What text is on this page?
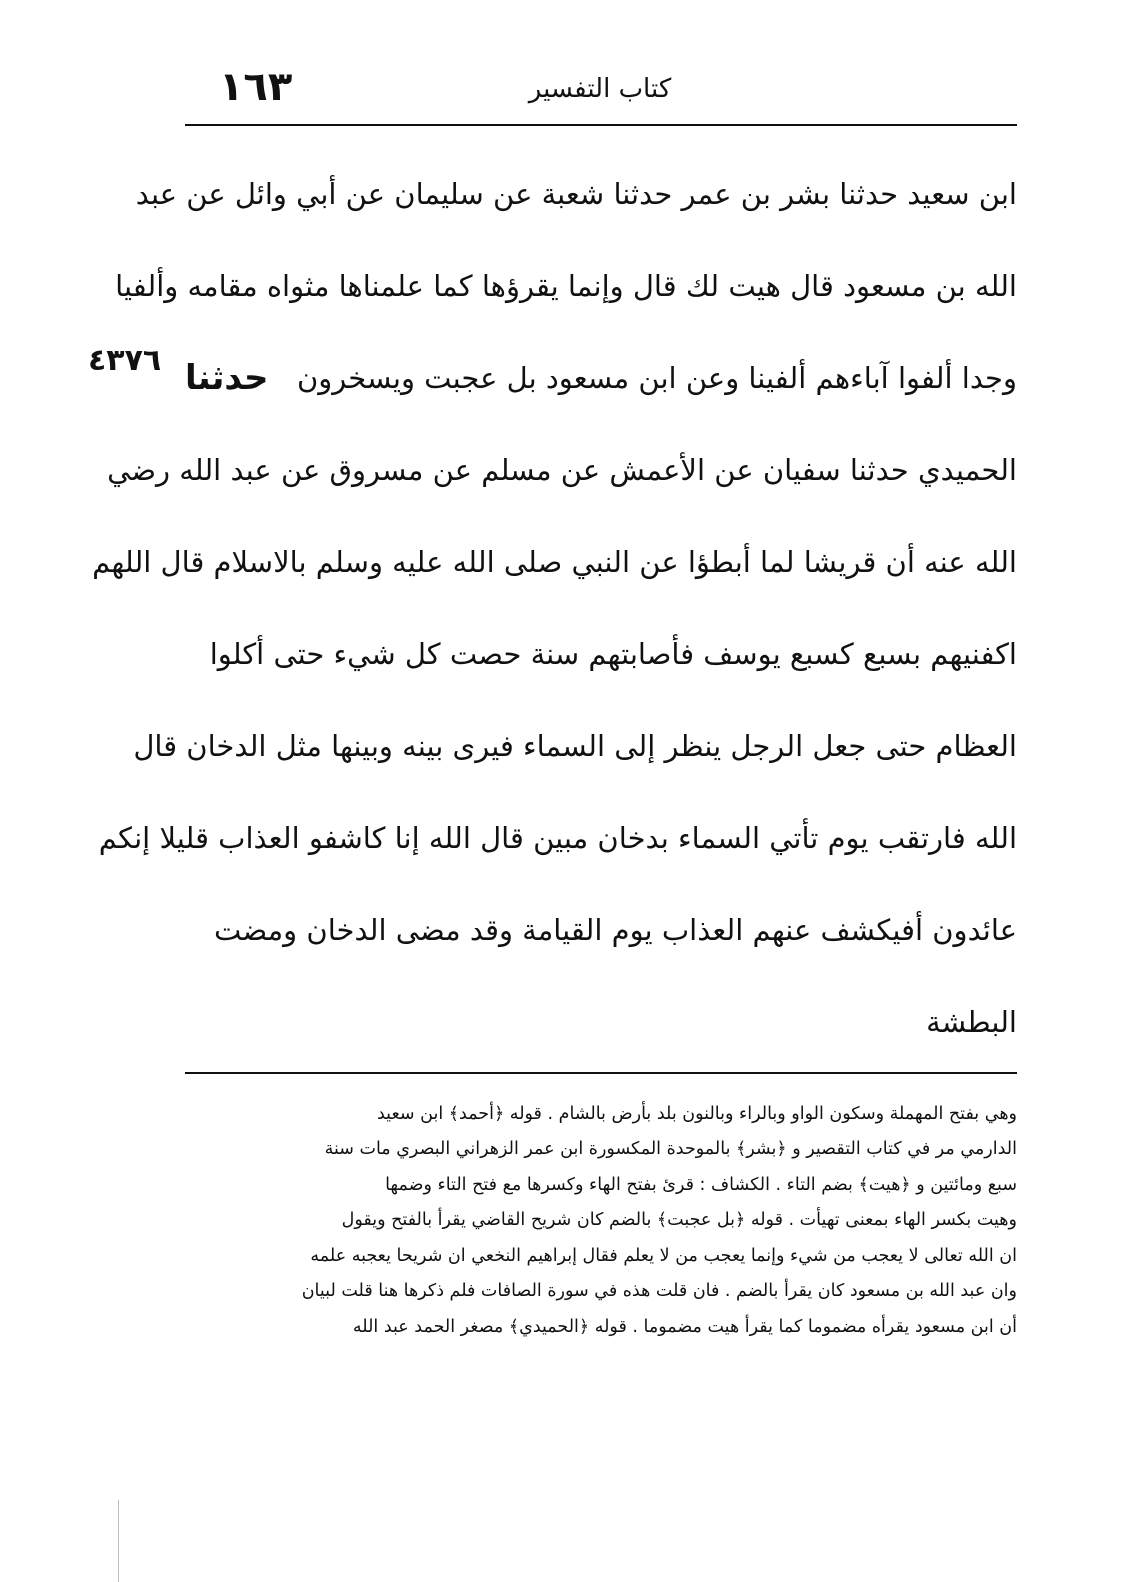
١٦٣	كتاب التفسير
٤٣٧٦
ابن سعيد حدثنا بشر بن عمر حدثنا شعبة عن سليمان عن أبي وائل عن عبد
الله بن مسعود قال هيت لك قال وإنما يقرؤها كما علمناها مثواه مقامه وألفيا
وجدا ألفوا آباءهم ألفينا وعن ابن مسعود بل عجبت ويسخرون
حدثنا
الحميدي حدثنا سفيان عن الأعمش عن مسلم عن مسروق عن عبد الله رضي
الله عنه أن قريشا لما أبطؤا عن النبي صلى الله عليه وسلم بالاسلام قال اللهم
اكفنيهم بسبع كسبع يوسف فأصابتهم سنة حصت كل شيء حتى أكلوا
العظام حتى جعل الرجل ينظر إلى السماء فيرى بينه وبينها مثل الدخان قال
الله فارتقب يوم تأتي السماء بدخان مبين قال الله إنا كاشفو العذاب قليلا إنكم
عائدون أفيكشف عنهم العذاب يوم القيامة وقد مضى الدخان ومضت
البطشة
وهي بفتح المهملة وسكون الواو وبالراء وبالنون بلد بأرض بالشام . قوله ﴿أحمد﴾ ابن سعيد
الدارمي مر في كتاب التقصير و ﴿بشر﴾ بالموحدة المكسورة ابن عمر الزهراني البصري مات سنة
سبع ومائتين و ﴿هيت﴾ بضم التاء . الكشاف : قرئ بفتح الهاء وكسرها مع فتح التاء وضمها
وهيت بكسر الهاء بمعنى تهيأت . قوله ﴿بل عجبت﴾ بالضم كان شريح القاضي يقرأ بالفتح ويقول
ان الله تعالى لا يعجب من شيء وإنما يعجب من لا يعلم فقال إبراهيم النخعي ان شريحا يعجبه علمه
وان عبد الله بن مسعود كان يقرأ بالضم . فان قلت هذه في سورة الصافات فلم ذكرها هنا قلت لبيان
أن ابن مسعود يقرأه مضموما كما يقرأ هيت مضموما . قوله ﴿الحميدي﴾ مصغر الحمد عبد الله
